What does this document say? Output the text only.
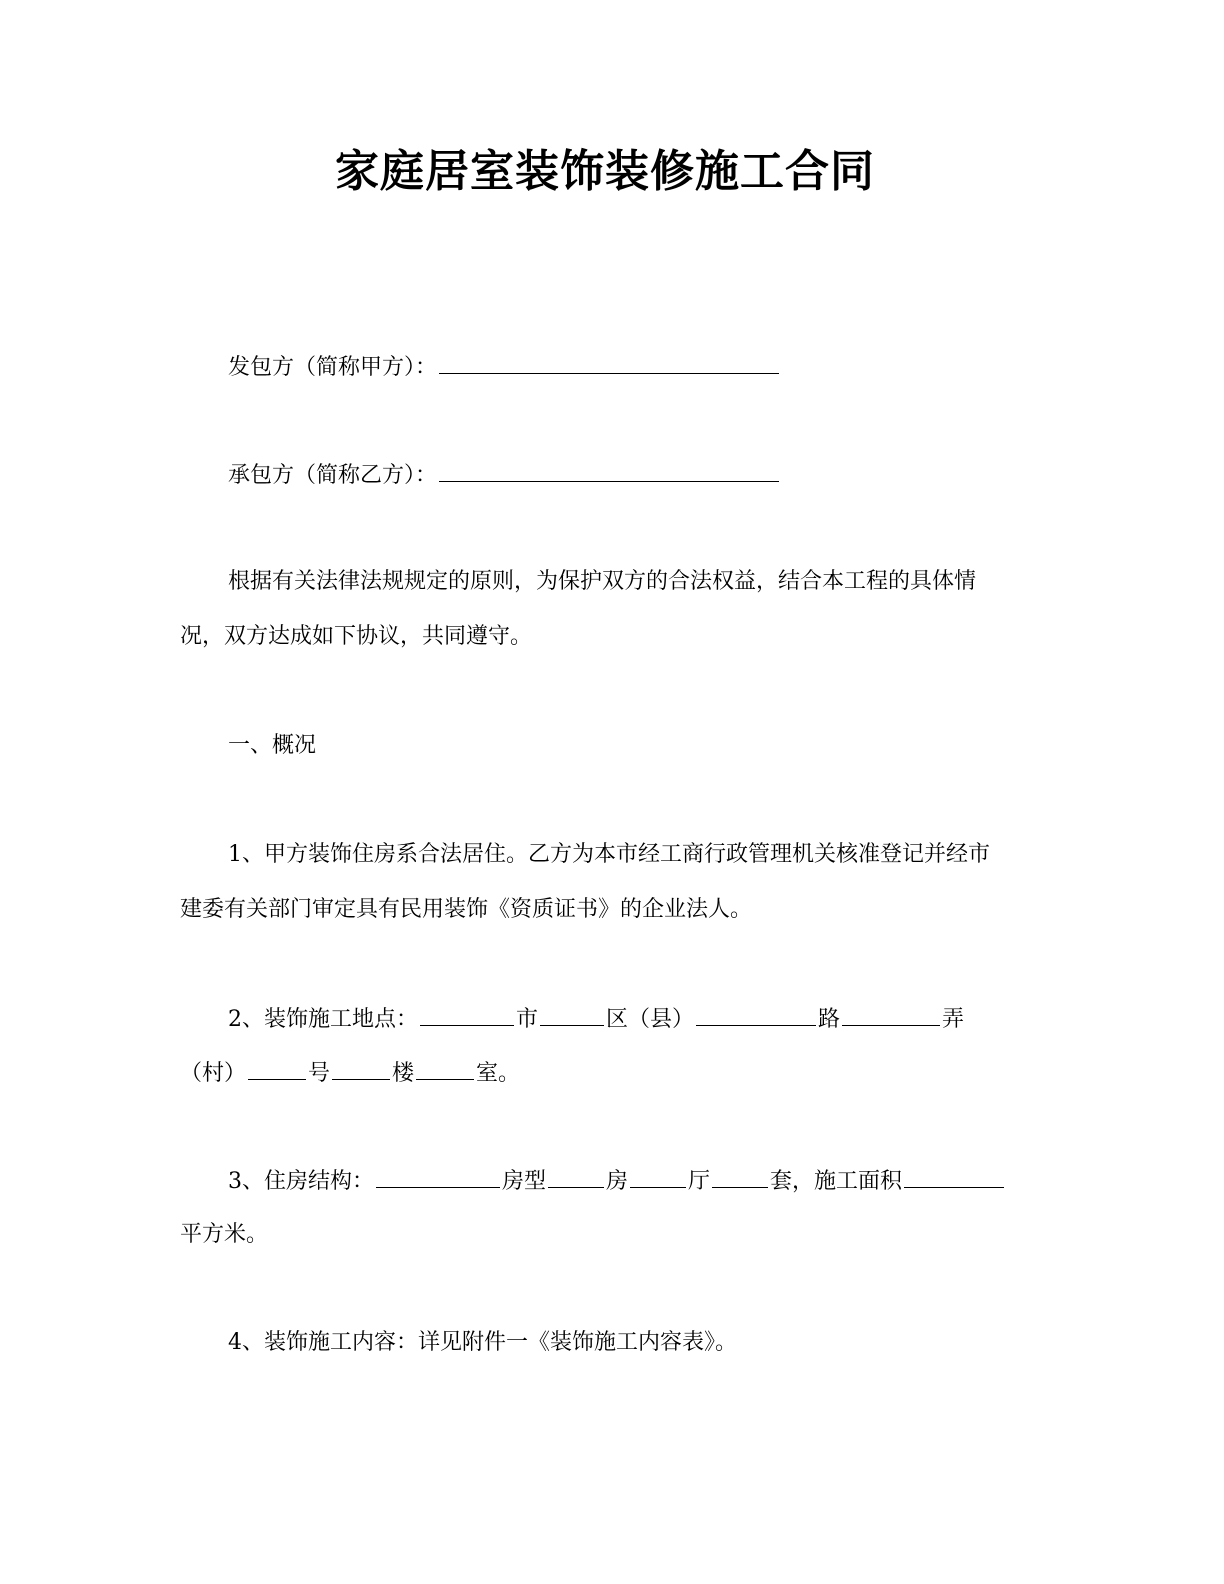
家庭居室装饰装修施工合同

发包方（简称甲方）：

承包方（简称乙方）：

根据有关法律法规规定的原则，为保护双方的合法权益，结合本工程的具体情

况，双方达成如下协议，共同遵守。

一、概况

1、甲方装饰住房系合法居住。乙方为本市经工商行政管理机关核准登记并经市

建委有关部门审定具有民用装饰《资质证书》的企业法人。

2、装饰施工地点：	市	区（县）	路	弄

（村）	号	楼	室。

3、住房结构：	房型	房	厅	套，施工面积

平方米。

4、装饰施工内容：详见附件一《装饰施工内容表》。
